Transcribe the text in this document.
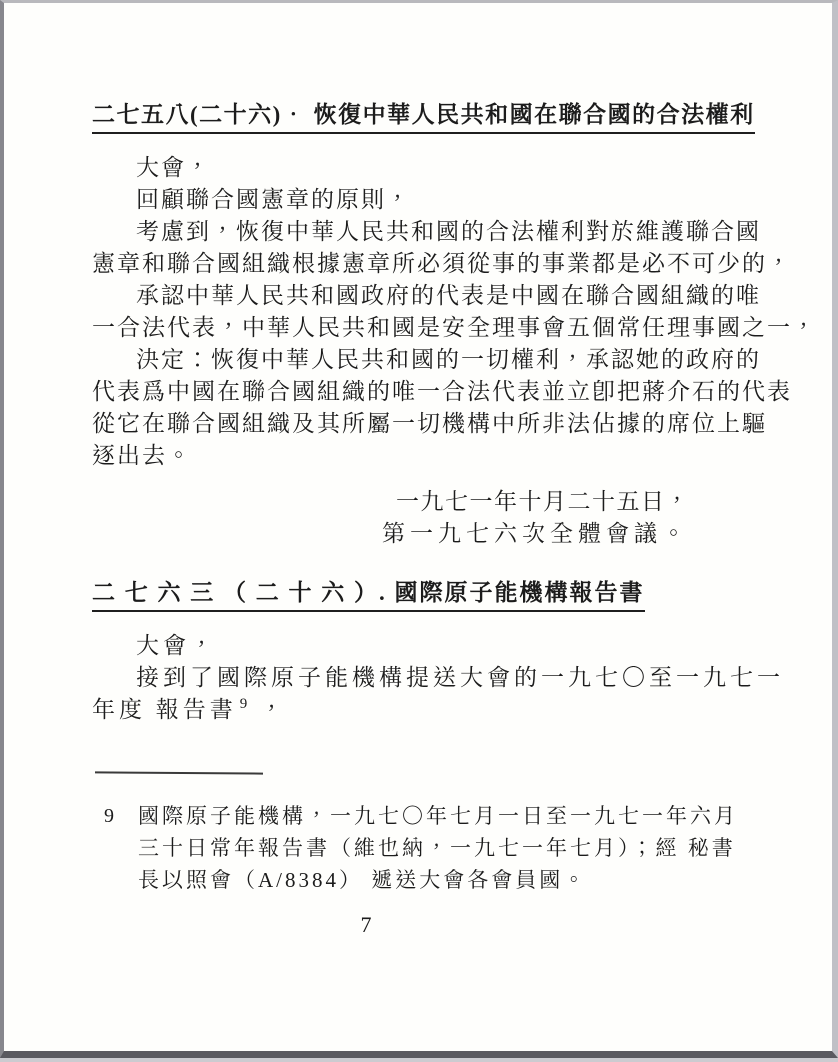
二七五八(二十六)． 恢復中華人民共和國在聯合國的合法權利
大會，
回顧聯合國憲章的原則，
考慮到，恢復中華人民共和國的合法權利對於維護聯合國
憲章和聯合國組織根據憲章所必須從事的事業都是必不可少的，
承認中華人民共和國政府的代表是中國在聯合國組織的唯
一合法代表，中華人民共和國是安全理事會五個常任理事國之一，
決定：恢復中華人民共和國的一切權利，承認她的政府的
代表爲中國在聯合國組織的唯一合法代表並立卽把蔣介石的代表
從它在聯合國組織及其所屬一切機構中所非法佔據的席位上驅
逐出去。
一九七一年十月二十五日，
第一九七六次全體會議。
二 七 六 三 （ 二 十 六 ）. 國際原子能機構報告書
大會，
接到了國際原子能機構提送大會的一九七〇至一九七一
年度 報告書 $^9$ ，
9	國際原子能機構，一九七〇年七月一日至一九七一年六月
三十日常年報告書（維也納，一九七一年七月）；經 秘書
長以照會（A/8384） 遞送大會各會員國。
7
